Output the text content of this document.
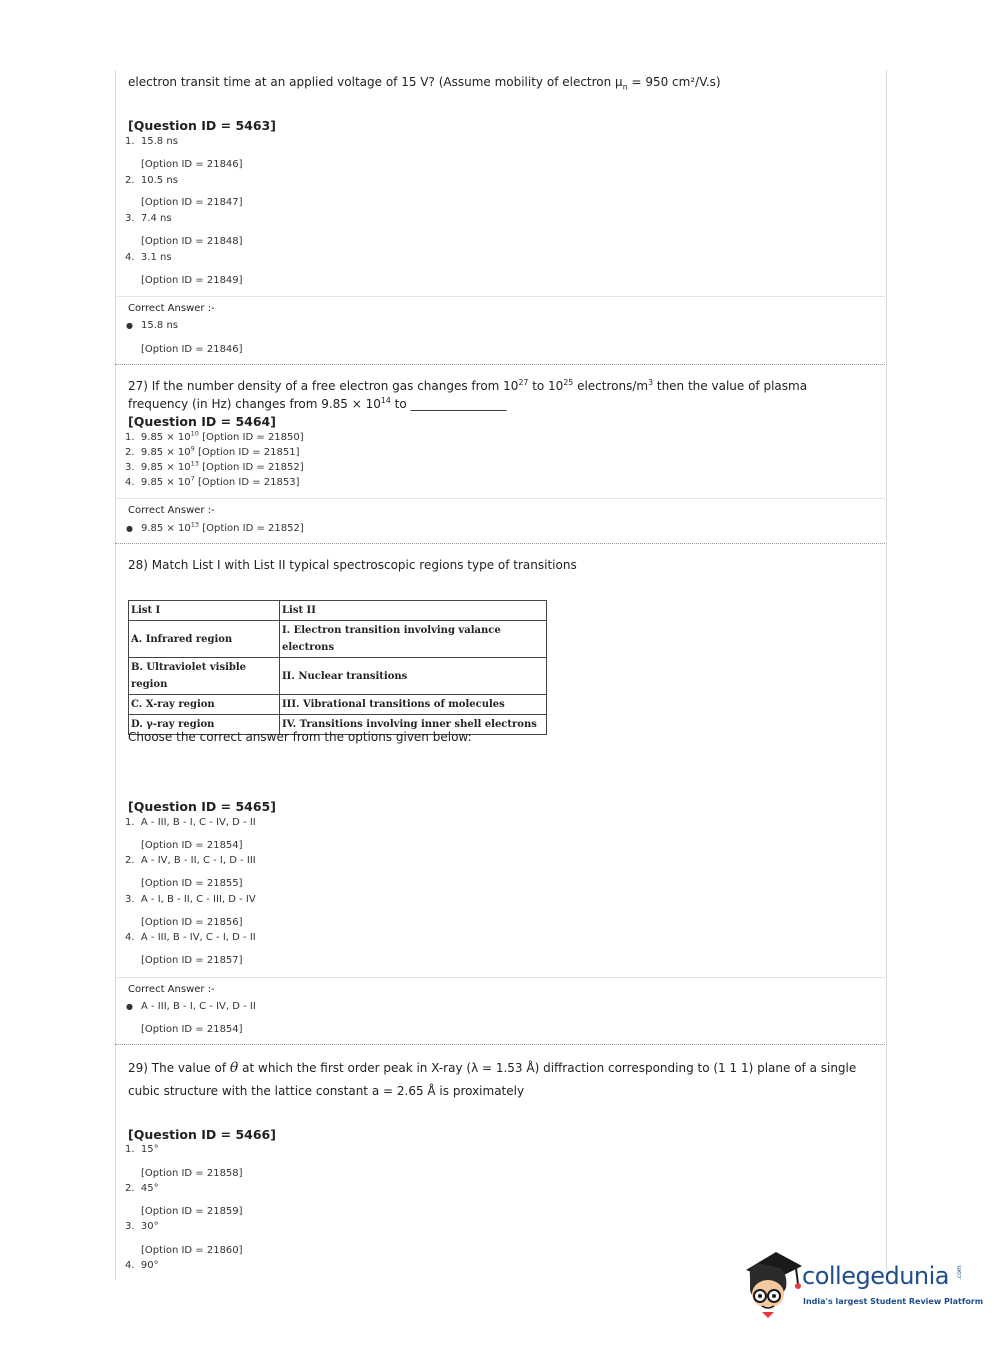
electron transit time at an applied voltage of 15 V? (Assume mobility of electron $\mu_n = 950$ cm²/V.s)
[Question ID = 5463]
1. 15.8 ns
[Option ID = 21846]
2. 10.5 ns
[Option ID = 21847]
3. 7.4 ns
[Option ID = 21848]
4. 3.1 ns
[Option ID = 21849]
Correct Answer :-
15.8 ns
[Option ID = 21846]
27) If the number density of a free electron gas changes from $10^{27}$ to $10^{25}$ electrons/$m^3$ then the value of plasma
frequency (in Hz) changes from $9.85 \times 10^{14}$ to ________________
[Question ID = 5464]
1. $9.85 \times 10^{10}$ [Option ID = 21850]
2. $9.85 \times 10^9$ [Option ID = 21851]
3. $9.85 \times 10^{13}$ [Option ID = 21852]
4. $9.85 \times 10^7$ [Option ID = 21853]
Correct Answer :-
$9.85 \times 10^{13}$ [Option ID = 21852]
28) Match List I with List II typical spectroscopic regions type of transitions
List I	List II
A. Infrared region	I. Electron transition involving valance
electrons
B. Ultraviolet visible
region	II. Nuclear transitions
C. X-ray region	III. Vibrational transitions of molecules
D. γ-ray region	IV. Transitions involving inner shell electrons
Choose the correct answer from the options given below:
[Question ID = 5465]
1. A - III, B - I, C - IV, D - II
[Option ID = 21854]
2. A - IV, B - II, C - I, D - III
[Option ID = 21855]
3. A - I, B - II, C - III, D - IV
[Option ID = 21856]
4. A - III, B - IV, C - I, D - II
[Option ID = 21857]
Correct Answer :-
A - III, B - I, C - IV, D - II
[Option ID = 21854]
29) The value of θ at which the first order peak in X-ray (λ = 1.53 Å) diffraction corresponding to (1 1 1) plane of a single
cubic structure with the lattice constant a = 2.65 Å is proximately
[Question ID = 5466]
1. 15°
[Option ID = 21858]
2. 45°
[Option ID = 21859]
3. 30°
[Option ID = 21860]
4. 90°	collegedunia .com
India's largest Student Review Platform
